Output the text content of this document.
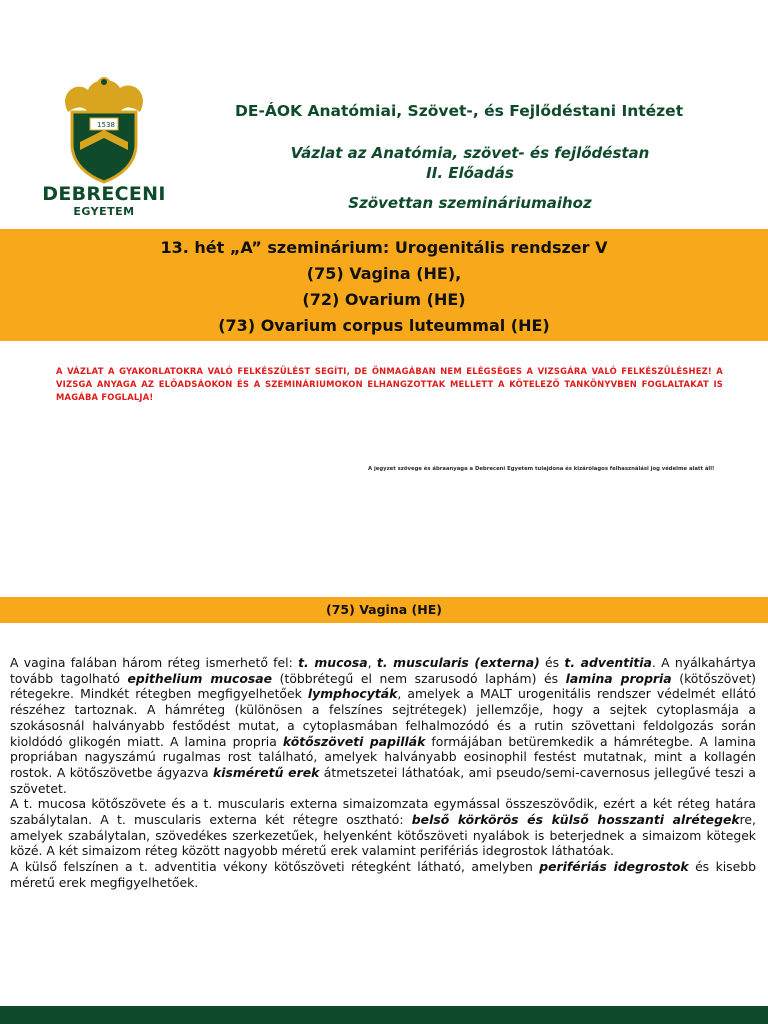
15 38
DEBRECENI
EGYETEM
DE-ÁOK Anatómiai, Szövet-, és Fejlődéstani Intézet
Vázlat az Anatómia, szövet- és fejlődéstan
II. Előadás
Szövettan szemináriumaihoz
13. hét „A” szeminárium: Urogenitális rendszer V
(75) Vagina (HE),
(72) Ovarium (HE)
(73) Ovarium corpus luteummal (HE)
A VÁZLAT A GYAKORLATOKRA VALÓ FELKÉSZÜLÉST SEGÍTI, DE ÖNMAGÁBAN NEM ELÉGSÉGES A VIZSGÁRA VALÓ FELKÉSZÜLÉSHEZ! A VIZSGA ANYAGA AZ ELŐADSÁOKON ÉS A SZEMINÁRIUMOKON ELHANGZOTTAK MELLETT A KÖTELEZŐ TANKÖNYVBEN FOGLALTAKAT IS MAGÁBA FOGLALJA!
A jegyzet szövege és ábraanyaga a Debreceni Egyetem tulajdona és kizárólagos felhasználási jog védelme alatt áll!
(75) Vagina (HE)

A vagina falában három réteg ismerhető fel: t. mucosa, t. muscularis (externa) és t. adventitia. A nyálkahártya tovább tagolható epithelium mucosae (többrétegű el nem szarusodó laphám) és lamina propria (kötőszövet) rétegekre. Mindkét rétegben megfigyelhetőek lymphocyták, amelyek a MALT urogenitális rendszer védelmét ellátó részéhez tartoznak. A hámréteg (különösen a felszínes sejtrétegek) jellemzője, hogy a sejtek cytoplasmája a szokásosnál halványabb festődést mutat, a cytoplasmában felhalmozódó és a rutin szövettani feldolgozás során kioldódó glikogén miatt. A lamina propria kötőszöveti papillák formájában betüremkedik a hámrétegbe. A lamina propriában nagyszámú rugalmas rost található, amelyek halványabb eosinophil festést mutatnak, mint a kollagén rostok. A kötőszövetbe ágyazva kisméretű erek átmetszetei láthatóak, ami pseudo/semi-cavernosus jellegűvé teszi a szövetet.

A t. mucosa kötőszövete és a t. muscularis externa simaizomzata egymással összeszövődik, ezért a két réteg határa szabálytalan. A t. muscularis externa két rétegre osztható: belső körkörös és külső hosszanti alrétegekre, amelyek szabálytalan, szövedékes szerkezetűek, helyenként kötőszöveti nyalábok is beterjednek a simaizom kötegek közé. A két simaizom réteg között nagyobb méretű erek valamint perifériás idegrostok láthatóak.

A külső felszínen a t. adventitia vékony kötőszöveti rétegként látható, amelyben perifériás idegrostok és kisebb méretű erek megfigyelhetőek.
